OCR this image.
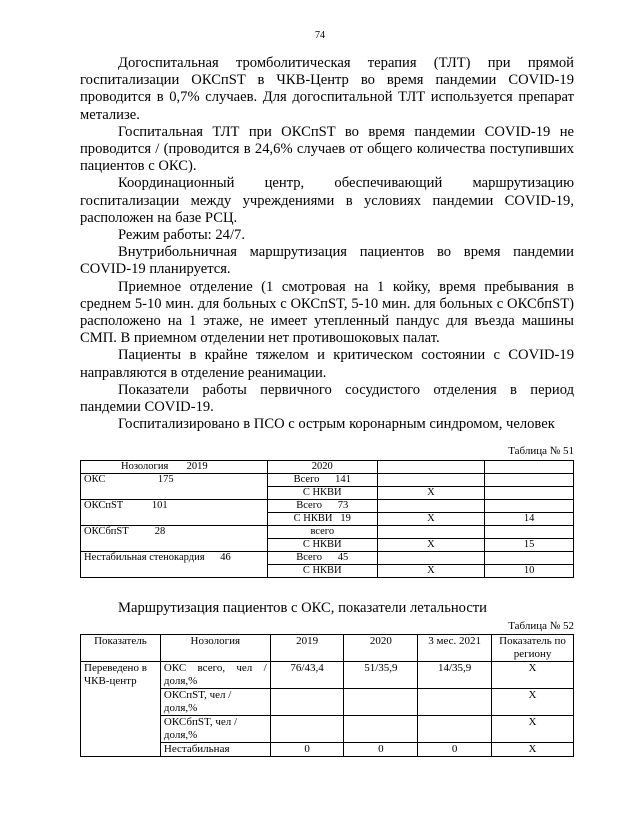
74

Догоспитальная тромболитическая терапия (ТЛТ) при прямой госпитализации ОКСпST в ЧКВ-Центр во время пандемии COVID-19 проводится в 0,7% случаев. Для догоспитальной ТЛТ используется препарат метализе.

Госпитальная ТЛТ при ОКСпST во время пандемии COVID-19 не проводится / (проводится в 24,6% случаев от общего количества поступивших пациентов с ОКС).

Координационный центр, обеспечивающий маршрутизацию госпитализации между учреждениями в условиях пандемии COVID-19, расположен на базе РСЦ.

Режим работы: 24/7.

Внутрибольничная маршрутизация пациентов во время пандемии COVID-19 планируется.

Приемное отделение (1 смотровая на 1 койку, время пребывания в среднем 5-10 мин. для больных с ОКСпST, 5-10 мин. для больных с ОКСбпST) расположено на 1 этаже, не имеет утепленный пандус для въезда машины СМП. В приемном отделении нет противошоковых палат.

Пациенты в крайне тяжелом и критическом состоянии с COVID-19 направляются в отделение реанимации.

Показатели работы первичного сосудистого отделения в период пандемии COVID-19.

Госпитализировано в ПСО с острым коронарным синдромом, человек

Таблица № 51
Нозология       2019	2020		
ОКС                    175	Всего      141		
	С НКВИ	X	
ОКСпST           101	Всего      73		
	С НКВИ   19	X	14
ОКСбпST          28	всего		
	С НКВИ	X	15
Нестабильная стенокардия      46	Всего      45		
	С НКВИ	X	10
Маршрутизация пациентов с ОКС, показатели летальности
Таблица № 52
Показатель	Нозология	2019	2020	3 мес. 2021	Показатель по региону
Переведено в ЧКВ-центр	ОКС всего, чел / доля,%	76/43,4	51/35,9	14/35,9	X
	ОКСпST, чел / доля,%				X
	ОКСбпST, чел / доля,%				X
	Нестабильная	0	0	0	X
